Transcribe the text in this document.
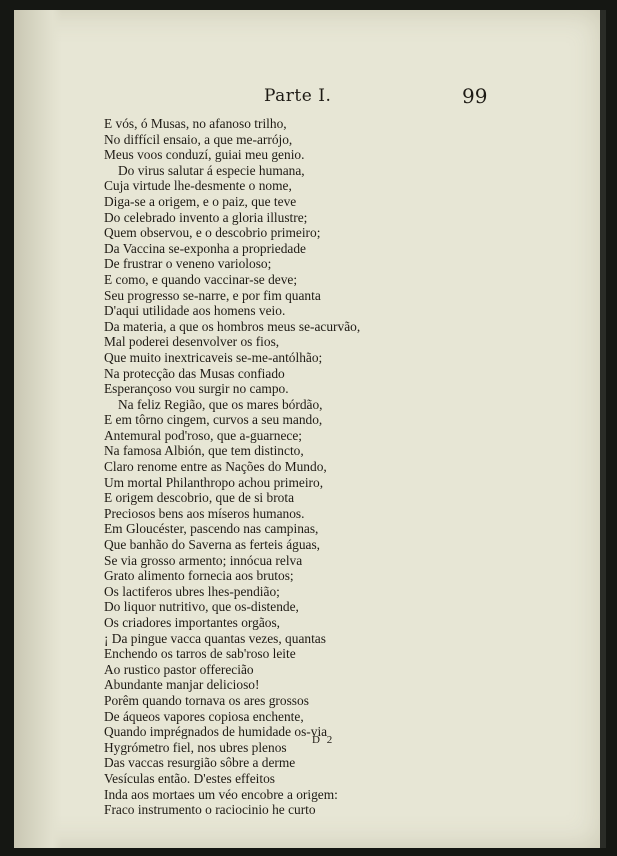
Parte I.	99
E vós, ó Musas, no afanoso trilho,
No diffícil ensaio, a que me-arrójo,
Meus voos conduzí, guiai meu genio.
Do virus salutar á especie humana,
Cuja virtude lhe-desmente o nome,
Diga-se a origem, e o paiz, que teve
Do celebrado invento a gloria illustre;
Quem observou, e o descobrio primeiro;
Da Vaccina se-exponha a propriedade
De frustrar o veneno varioloso;
E como, e quando vaccinar-se deve;
Seu progresso se-narre, e por fim quanta
D'aqui utilidade aos homens veio.
Da materia, a que os hombros meus se-acurvão,
Mal poderei desenvolver os fios,
Que muito inextricaveis se-me-antólhão;
Na protecção das Musas confiado
Esperançoso vou surgir no campo.
Na feliz Região, que os mares bórdão,
E em tôrno cingem, curvos a seu mando,
Antemural pod'roso, que a-guarnece;
Na famosa Albión, que tem distincto,
Claro renome entre as Nações do Mundo,
Um mortal Philanthropo achou primeiro,
E origem descobrio, que de si brota
Preciosos bens aos míseros humanos.
Em Gloucéster, pascendo nas campinas,
Que banhão do Saverna as ferteis águas,
Se via grosso armento; innócua relva
Grato alimento fornecia aos brutos;
Os lactiferos ubres lhes-pendião;
Do liquor nutritivo, que os-distende,
Os criadores importantes orgãos,
¡ Da pingue vacca quantas vezes, quantas
Enchendo os tarros de sab'roso leite
Ao rustico pastor offerecião
Abundante manjar delicioso!
Porêm quando tornava os ares grossos
De áqueos vapores copiosa enchente,
Quando imprégnados de humidade os-via
Hygrómetro fiel, nos ubres plenos
Das vaccas resurgião sôbre a derme
Vesículas então. D'estes effeitos
Inda aos mortaes um véo encobre a origem:
Fraco instrumento o raciocinio he curto
D 2
